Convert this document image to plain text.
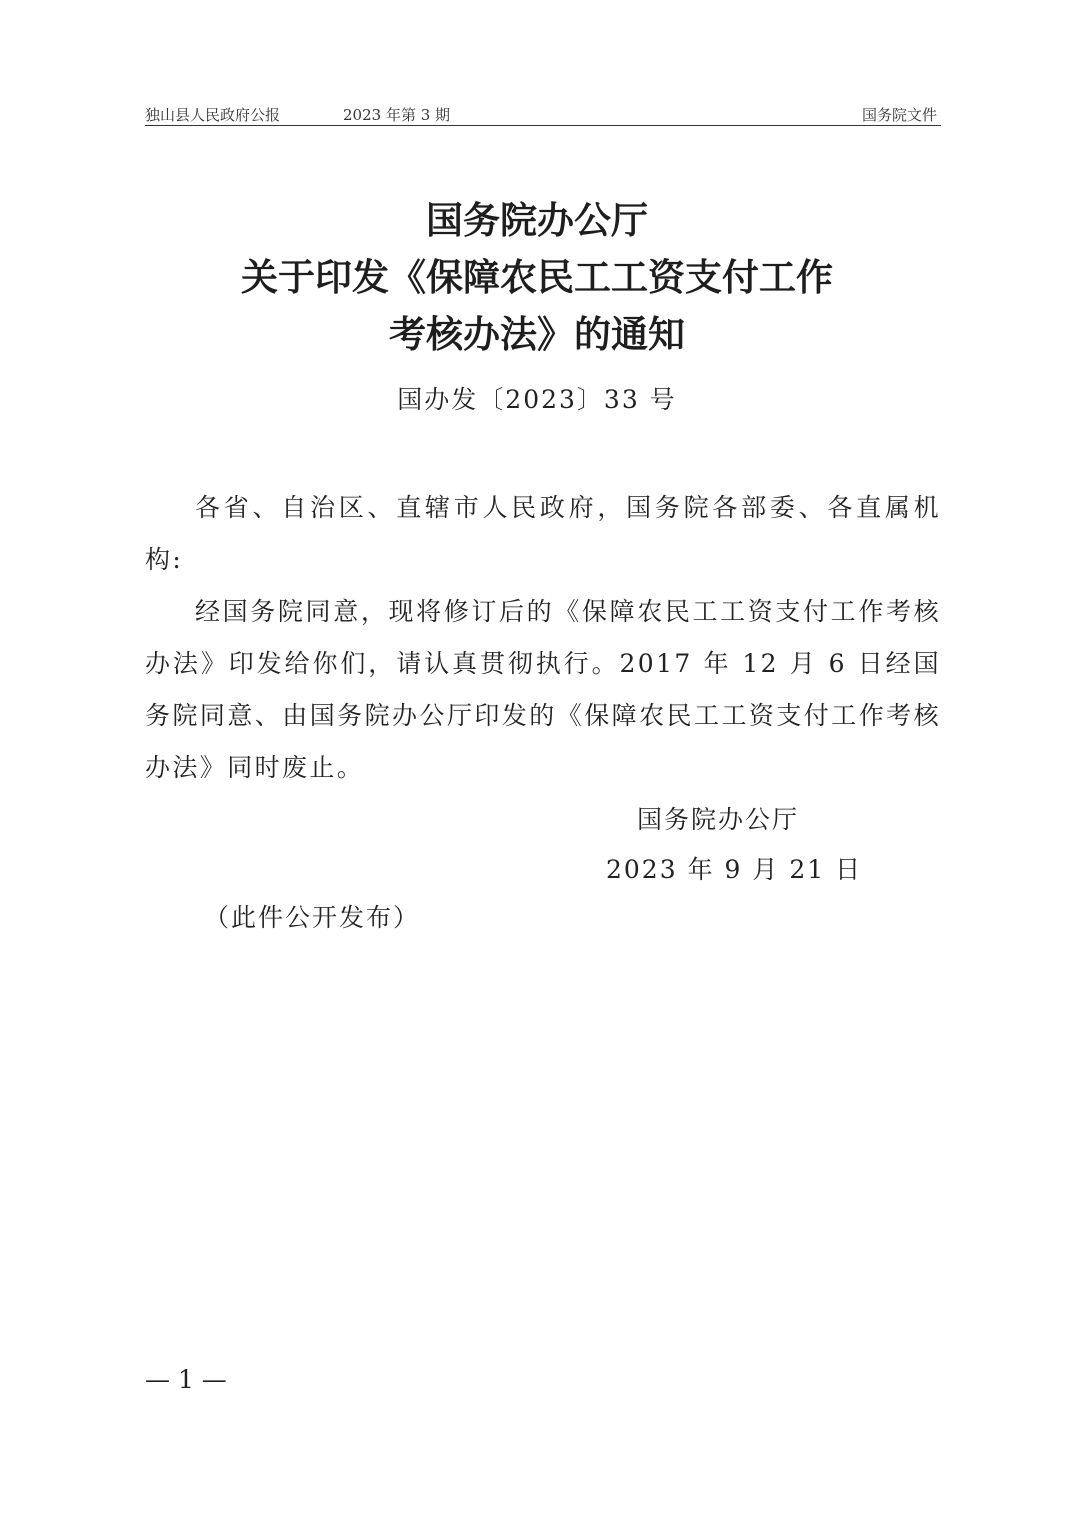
独山县人民政府公报	2023 年第 3 期	国务院文件
国务院办公厅
关于印发《保障农民工工资支付工作
考核办法》的通知
国办发〔2023〕33 号

各省、自治区、直辖市人民政府，国务院各部委、各直属机构:

经国务院同意，现将修订后的《保障农民工工资支付工作考核办法》印发给你们，请认真贯彻执行。2017 年 12 月 6 日经国务院同意、由国务院办公厅印发的《保障农民工工资支付工作考核办法》同时废止。

国务院办公厅
2023 年 9 月 21 日
（此件公开发布）
— 1 —
